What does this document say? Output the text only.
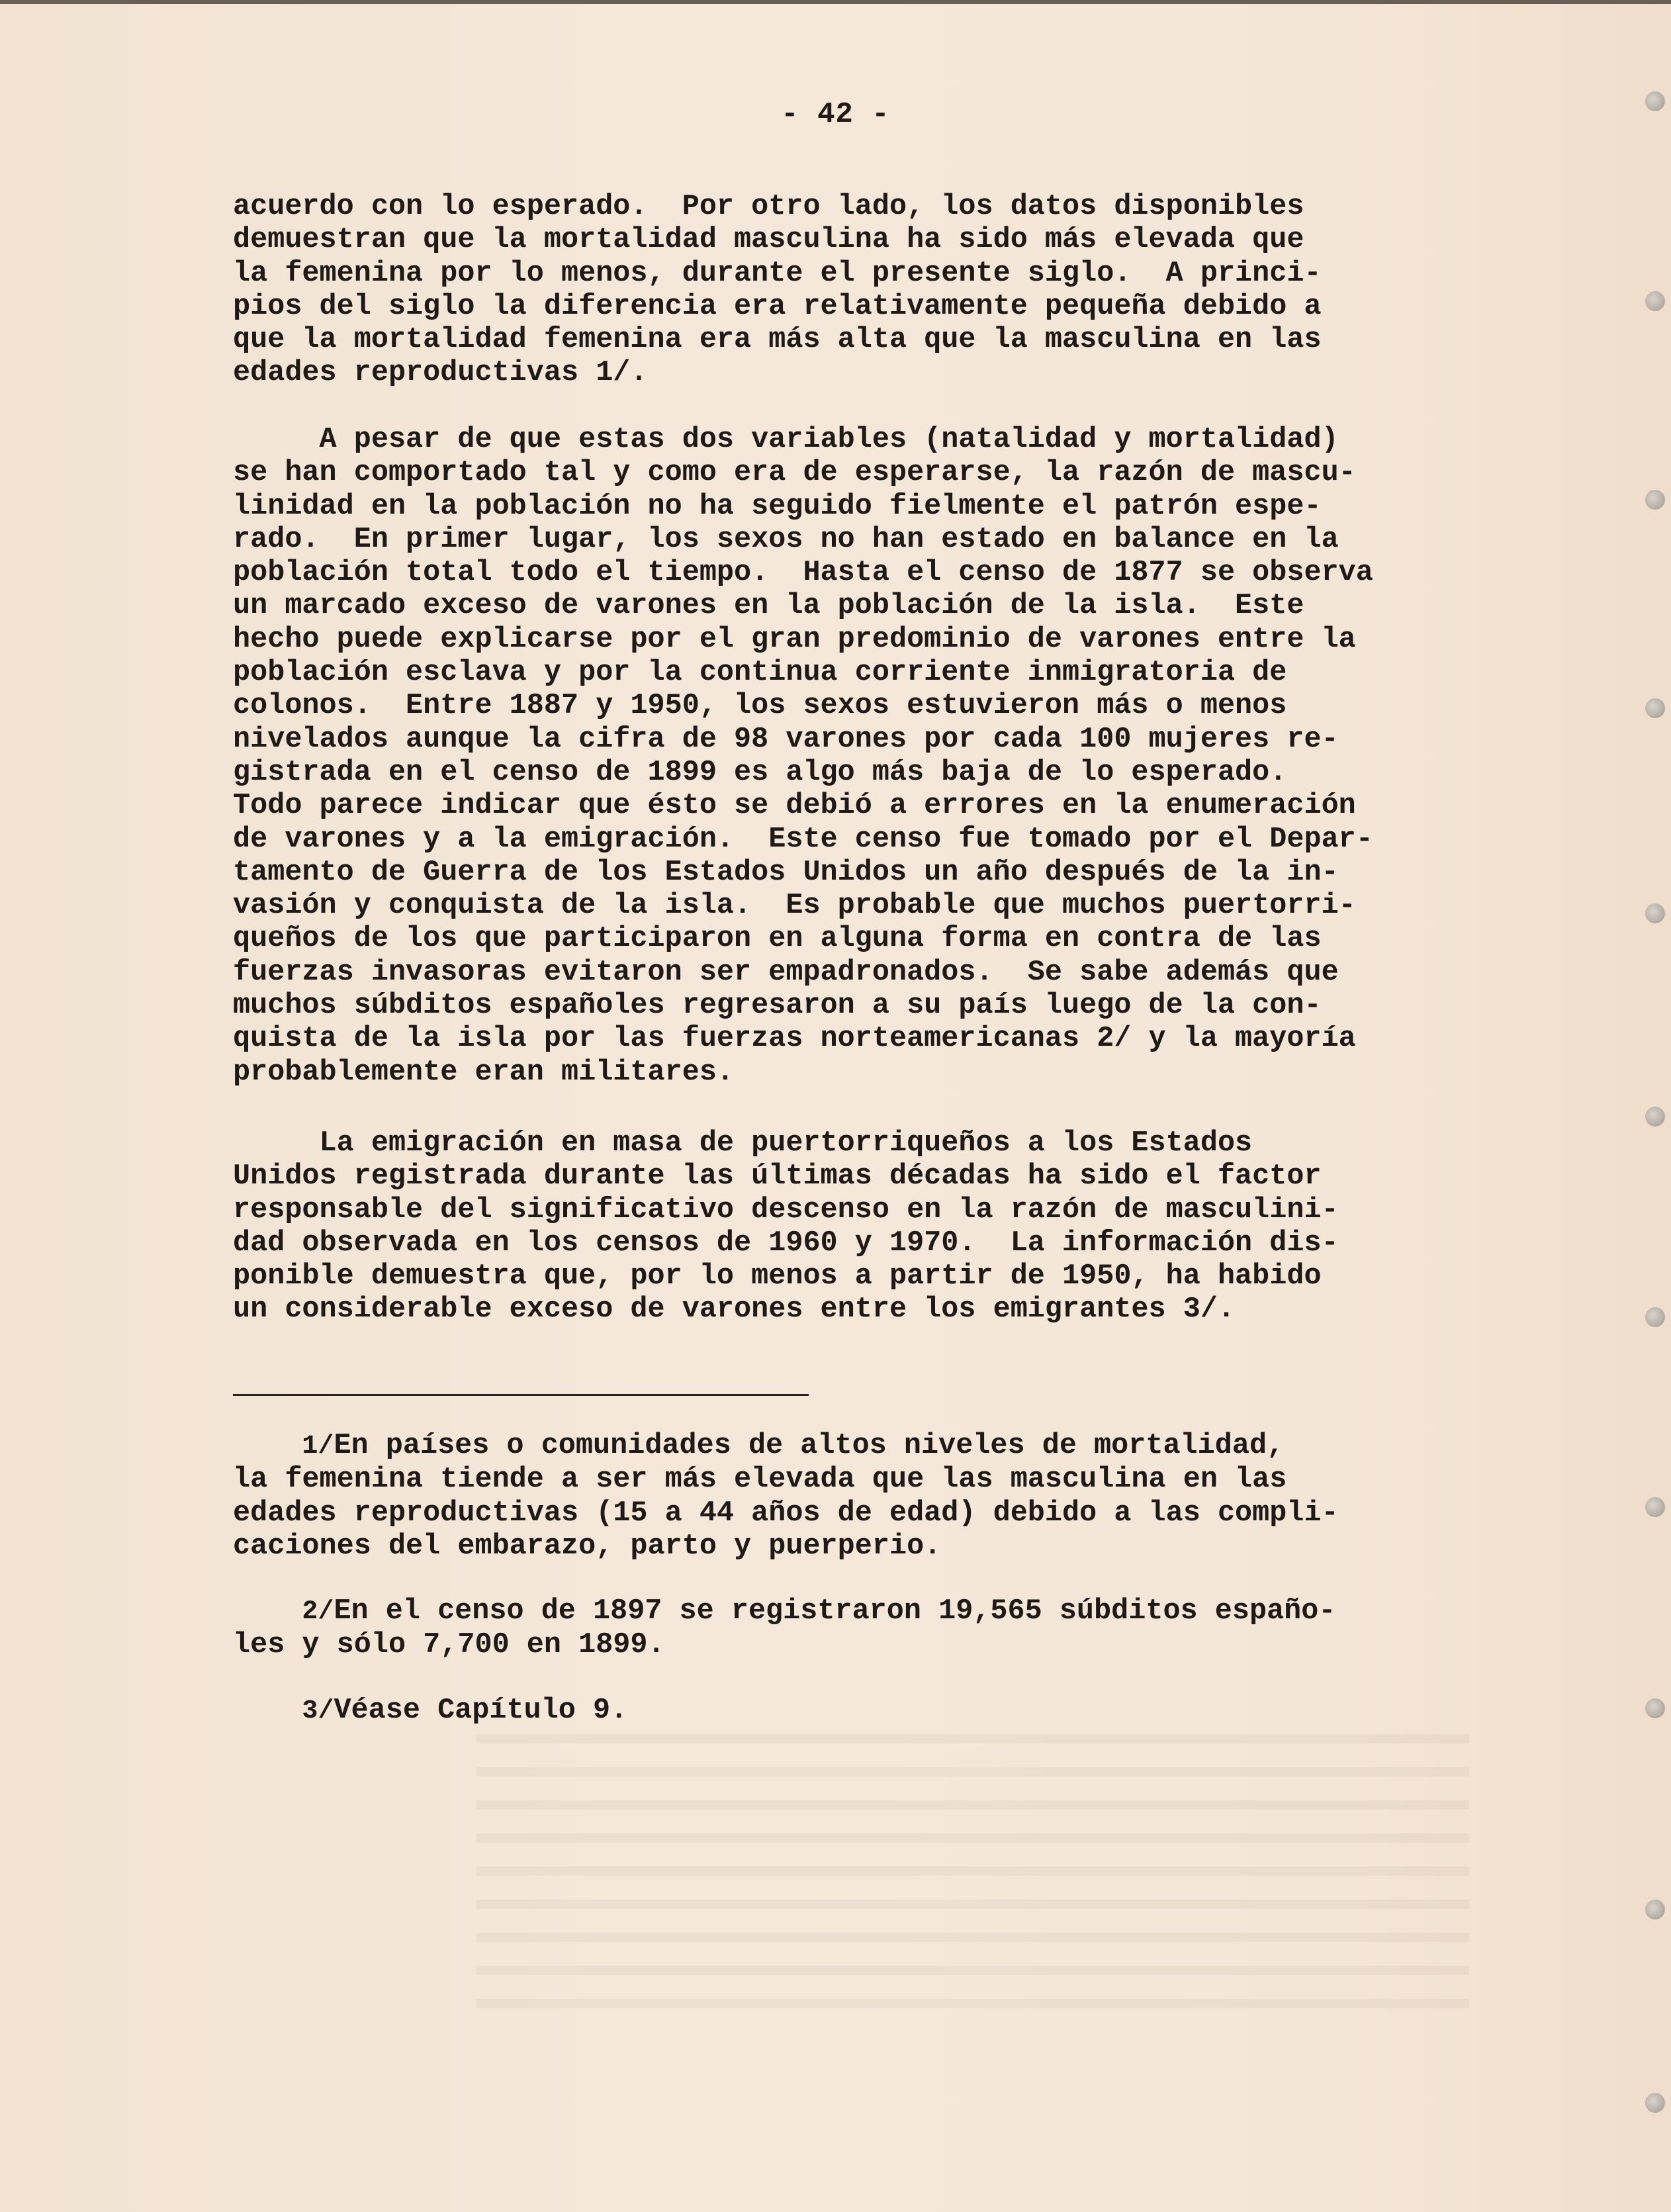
- 42 -
acuerdo con lo esperado.  Por otro lado, los datos disponibles
demuestran que la mortalidad masculina ha sido más elevada que
la femenina por lo menos, durante el presente siglo.  A princi-
pios del siglo la diferencia era relativamente pequeña debido a
que la mortalidad femenina era más alta que la masculina en las
edades reproductivas 1/.
A pesar de que estas dos variables (natalidad y mortalidad)
se han comportado tal y como era de esperarse, la razón de mascu-
linidad en la población no ha seguido fielmente el patrón espe-
rado.  En primer lugar, los sexos no han estado en balance en la
población total todo el tiempo.  Hasta el censo de 1877 se observa
un marcado exceso de varones en la población de la isla.  Este
hecho puede explicarse por el gran predominio de varones entre la
población esclava y por la continua corriente inmigratoria de
colonos.  Entre 1887 y 1950, los sexos estuvieron más o menos
nivelados aunque la cifra de 98 varones por cada 100 mujeres re-
gistrada en el censo de 1899 es algo más baja de lo esperado.
Todo parece indicar que ésto se debió a errores en la enumeración
de varones y a la emigración.  Este censo fue tomado por el Depar-
tamento de Guerra de los Estados Unidos un año después de la in-
vasión y conquista de la isla.  Es probable que muchos puertorri-
queños de los que participaron en alguna forma en contra de las
fuerzas invasoras evitaron ser empadronados.  Se sabe además que
muchos súbditos españoles regresaron a su país luego de la con-
quista de la isla por las fuerzas norteamericanas 2/ y la mayoría
probablemente eran militares.
La emigración en masa de puertorriqueños a los Estados
Unidos registrada durante las últimas décadas ha sido el factor
responsable del significativo descenso en la razón de masculini-
dad observada en los censos de 1960 y 1970.  La información dis-
ponible demuestra que, por lo menos a partir de 1950, ha habido
un considerable exceso de varones entre los emigrantes 3/.
1/En países o comunidades de altos niveles de mortalidad,
la femenina tiende a ser más elevada que las masculina en las
edades reproductivas (15 a 44 años de edad) debido a las compli-
caciones del embarazo, parto y puerperio.
2/En el censo de 1897 se registraron 19,565 súbditos españo-
les y sólo 7,700 en 1899.
3/Véase Capítulo 9.
